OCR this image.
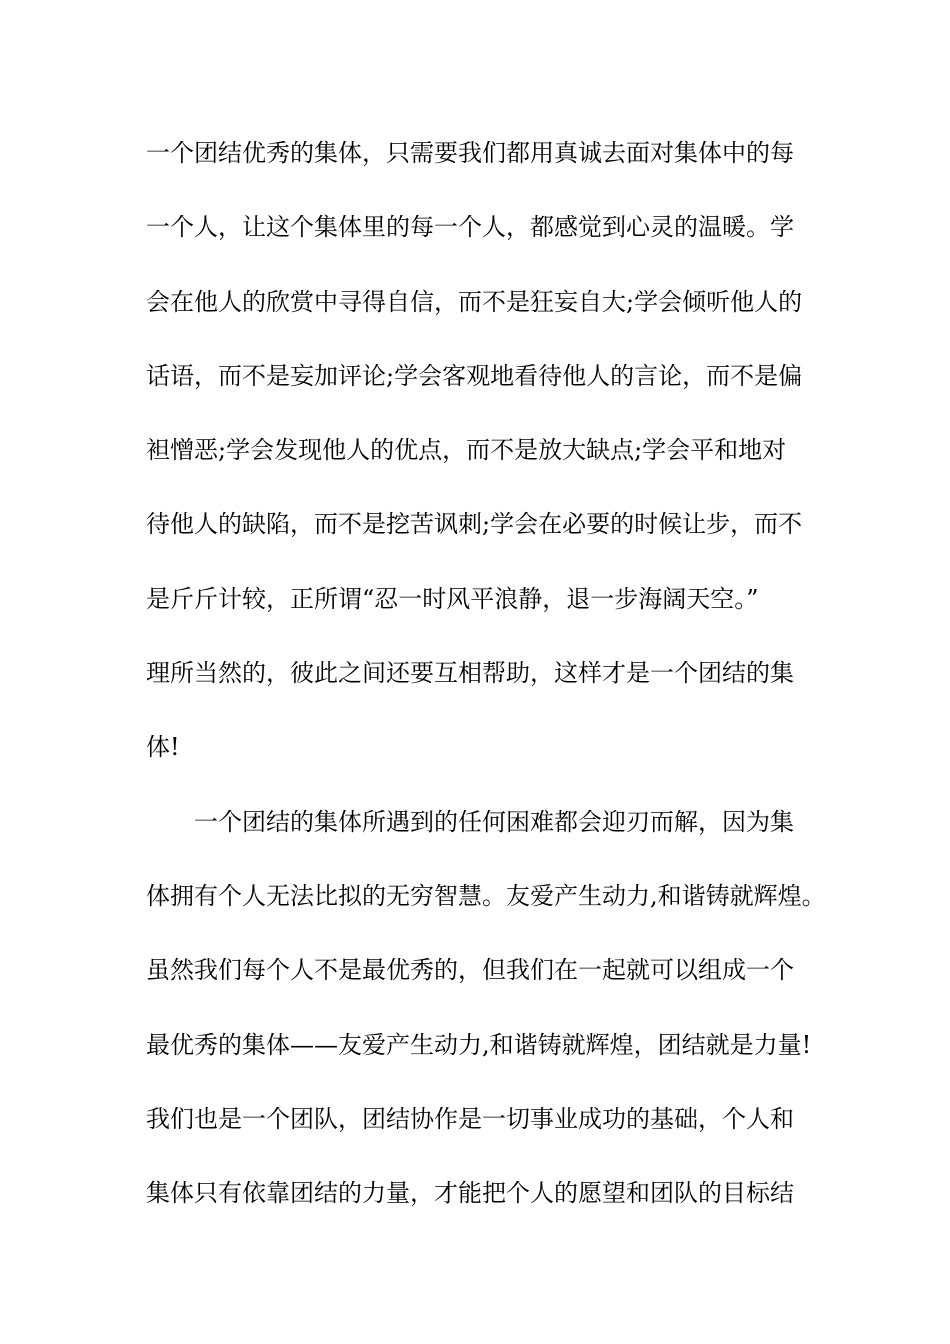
一个团结优秀的集体，只需要我们都用真诚去面对集体中的每
一个人，让这个集体里的每一个人，都感觉到心灵的温暖。学
会在他人的欣赏中寻得自信，而不是狂妄自大;学会倾听他人的
话语，而不是妄加评论;学会客观地看待他人的言论，而不是偏
袒憎恶;学会发现他人的优点，而不是放大缺点;学会平和地对
待他人的缺陷，而不是挖苦讽刺;学会在必要的时候让步，而不
是斤斤计较，正所谓“忍一时风平浪静，退一步海阔天空。”
理所当然的，彼此之间还要互相帮助，这样才是一个团结的集
体!
一个团结的集体所遇到的任何困难都会迎刃而解，因为集
体拥有个人无法比拟的无穷智慧。友爱产生动力,和谐铸就辉煌。
虽然我们每个人不是最优秀的，但我们在一起就可以组成一个
最优秀的集体——友爱产生动力,和谐铸就辉煌，团结就是力量!
我们也是一个团队，团结协作是一切事业成功的基础，个人和
集体只有依靠团结的力量，才能把个人的愿望和团队的目标结
